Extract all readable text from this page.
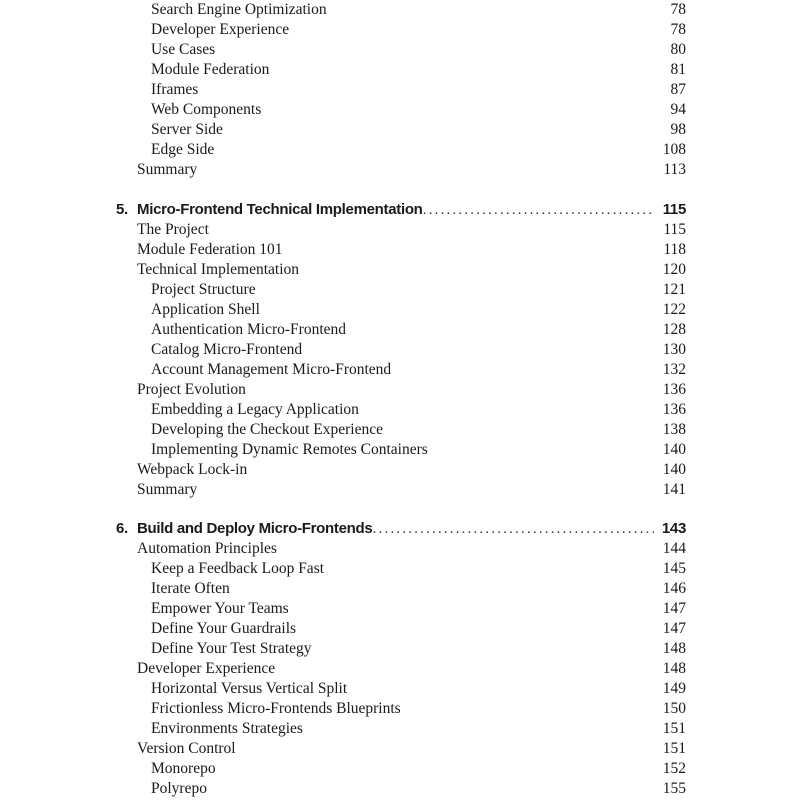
Search Engine Optimization	78
Developer Experience	78
Use Cases	80
Module Federation	81
Iframes	87
Web Components	94
Server Side	98
Edge Side	108
Summary	113
5. Micro-Frontend Technical Implementation . . .	115
The Project	115
Module Federation 101	118
Technical Implementation	120
Project Structure	121
Application Shell	122
Authentication Micro-Frontend	128
Catalog Micro-Frontend	130
Account Management Micro-Frontend	132
Project Evolution	136
Embedding a Legacy Application	136
Developing the Checkout Experience	138
Implementing Dynamic Remotes Containers	140
Webpack Lock-in	140
Summary	141
6. Build and Deploy Micro-Frontends . . .	143
Automation Principles	144
Keep a Feedback Loop Fast	145
Iterate Often	146
Empower Your Teams	147
Define Your Guardrails	147
Define Your Test Strategy	148
Developer Experience	148
Horizontal Versus Vertical Split	149
Frictionless Micro-Frontends Blueprints	150
Environments Strategies	151
Version Control	151
Monorepo	152
Polyrepo	155
